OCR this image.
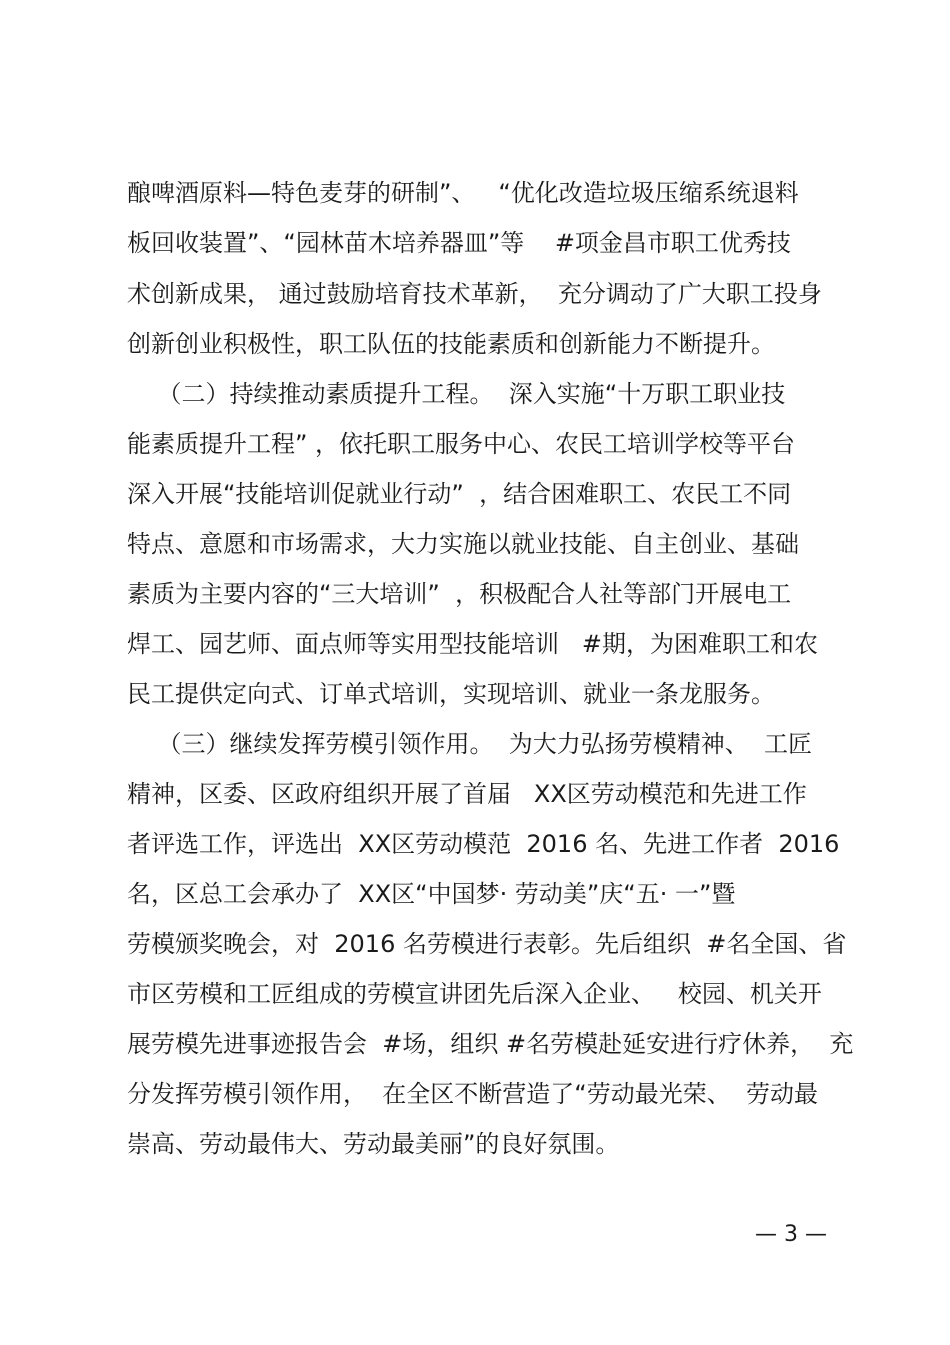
酿啤酒原料—特色麦芽的研制”、   “优化改造垃圾压缩系统退料
板回收装置”、“园林苗木培养器皿”等    #项金昌市职工优秀技
术创新成果， 通过鼓励培育技术革新，  充分调动了广大职工投身
创新创业积极性，职工队伍的技能素质和创新能力不断提升。
（二）持续推动素质提升工程。  深入实施“十万职工职业技
能素质提升工程” ，依托职工服务中心、农民工培训学校等平台
深入开展“技能培训促就业行动”  ，结合困难职工、农民工不同
特点、意愿和市场需求，大力实施以就业技能、自主创业、基础
素质为主要内容的“三大培训”  ，积极配合人社等部门开展电工
焊工、园艺师、面点师等实用型技能培训   #期，为困难职工和农
民工提供定向式、订单式培训，实现培训、就业一条龙服务。
（三）继续发挥劳模引领作用。  为大力弘扬劳模精神、  工匠
精神，区委、区政府组织开展了首届   XX区劳动模范和先进工作
者评选工作，评选出  XX区劳动模范  2016 名、先进工作者  2016
名，区总工会承办了  XX区“中国梦· 劳动美”庆“五· 一”暨
劳模颁奖晚会，对  2016 名劳模进行表彰。先后组织  #名全国、省
市区劳模和工匠组成的劳模宣讲团先后深入企业、   校园、机关开
展劳模先进事迹报告会  #场，组织 #名劳模赴延安进行疗休养，  充
分发挥劳模引领作用，  在全区不断营造了“劳动最光荣、  劳动最
崇高、劳动最伟大、劳动最美丽”的良好氛围。
— 3 —
